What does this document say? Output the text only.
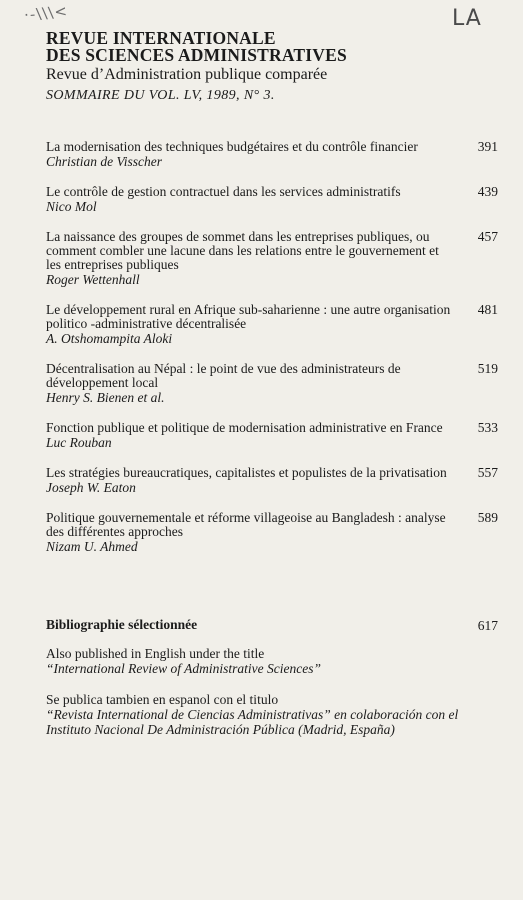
·-\\\<	LA
REVUE INTERNATIONALE
DES SCIENCES ADMINISTRATIVES
Revue d’Administration publique comparée
SOMMAIRE DU VOL. LV, 1989, N° 3.
La modernisation des techniques budgétaires et du contrôle financier
Christian de Visscher
391
Le contrôle de gestion contractuel dans les services administratifs
Nico Mol
439
La naissance des groupes de sommet dans les entreprises publiques, ou comment combler une lacune dans les relations entre le gouvernement et les entreprises publiques
Roger Wettenhall
457
Le développement rural en Afrique sub-saharienne : une autre organisation politico -administrative décentralisée
A. Otshomampita Aloki
481
Décentralisation au Népal : le point de vue des administrateurs de développement local
Henry S. Bienen et al.
519
Fonction publique et politique de modernisation administrative en France
Luc Rouban
533
Les stratégies bureaucratiques, capitalistes et populistes de la privatisation
Joseph W. Eaton
557
Politique gouvernementale et réforme villageoise au Bangladesh : analyse des différentes approches
Nizam U. Ahmed
589
Bibliographie sélectionnée	617
Also published in English under the title
“International Review of Administrative Sciences”
Se publica tambien en espanol con el titulo
“Revista International de Ciencias Administrativas” en colaboración con el Instituto Nacional De Administración Pública (Madrid, España)
